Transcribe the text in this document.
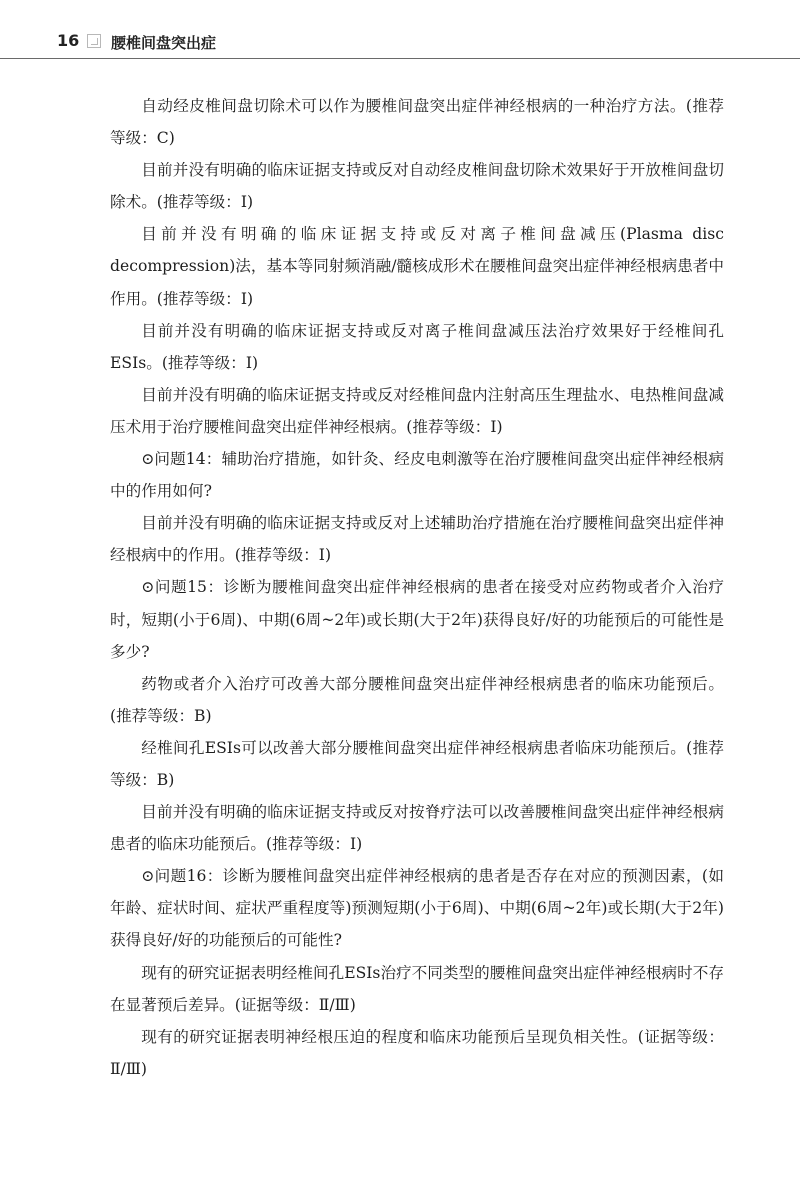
16 腰椎间盘突出症

自动经皮椎间盘切除术可以作为腰椎间盘突出症伴神经根病的一种治疗方法。(推荐等级：C)

目前并没有明确的临床证据支持或反对自动经皮椎间盘切除术效果好于开放椎间盘切除术。(推荐等级：Ⅰ)

目前并没有明确的临床证据支持或反对离子椎间盘减压(Plasma disc decompression)法，基本等同射频消融/髓核成形术在腰椎间盘突出症伴神经根病患者中作用。(推荐等级：Ⅰ)

目前并没有明确的临床证据支持或反对离子椎间盘减压法治疗效果好于经椎间孔ESIs。(推荐等级：Ⅰ)

目前并没有明确的临床证据支持或反对经椎间盘内注射高压生理盐水、电热椎间盘减压术用于治疗腰椎间盘突出症伴神经根病。(推荐等级：Ⅰ)

⊙问题14：辅助治疗措施，如针灸、经皮电刺激等在治疗腰椎间盘突出症伴神经根病中的作用如何?

目前并没有明确的临床证据支持或反对上述辅助治疗措施在治疗腰椎间盘突出症伴神经根病中的作用。(推荐等级：Ⅰ)

⊙问题15：诊断为腰椎间盘突出症伴神经根病的患者在接受对应药物或者介入治疗时，短期(小于6周)、中期(6周~2年)或长期(大于2年)获得良好/好的功能预后的可能性是多少?

药物或者介入治疗可改善大部分腰椎间盘突出症伴神经根病患者的临床功能预后。(推荐等级：B)

经椎间孔ESIs可以改善大部分腰椎间盘突出症伴神经根病患者临床功能预后。(推荐等级：B)

目前并没有明确的临床证据支持或反对按脊疗法可以改善腰椎间盘突出症伴神经根病患者的临床功能预后。(推荐等级：Ⅰ)

⊙问题16：诊断为腰椎间盘突出症伴神经根病的患者是否存在对应的预测因素，(如年龄、症状时间、症状严重程度等)预测短期(小于6周)、中期(6周~2年)或长期(大于2年)获得良好/好的功能预后的可能性?

现有的研究证据表明经椎间孔ESIs治疗不同类型的腰椎间盘突出症伴神经根病时不存在显著预后差异。(证据等级：Ⅱ/Ⅲ)

现有的研究证据表明神经根压迫的程度和临床功能预后呈现负相关性。(证据等级：Ⅱ/Ⅲ)
